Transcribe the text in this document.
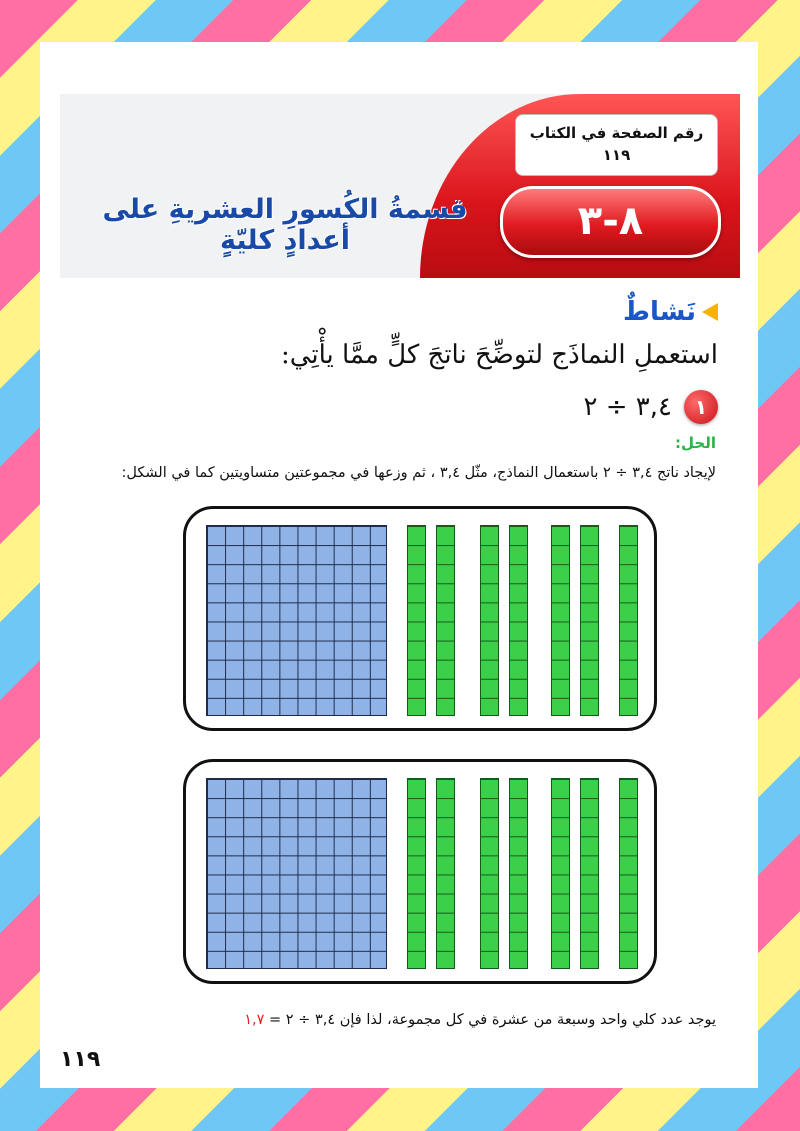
رقم الصفحة في الكتاب
١١٩
٨-٣
قسمةُ الكُسورِ العشريةِ على أعدادٍ كليّةٍ
نَشاطٌ
استعملِ النماذَج لتوضِّحَ ناتجَ كلٍّ ممَّا يأْتِي:
١
٣,٤ ÷ ٢
الحل:
لإيجاد ناتج ٣,٤ ÷ ٢ باستعمال النماذج، مثّل ٣,٤ ، ثم وزعها في مجموعتين متساويتين كما في الشكل:
يوجد عدد كلي واحد وسبعة من عشرة في كل مجموعة، لذا فإن ٣,٤ ÷ ٢ = ١,٧
١١٩
